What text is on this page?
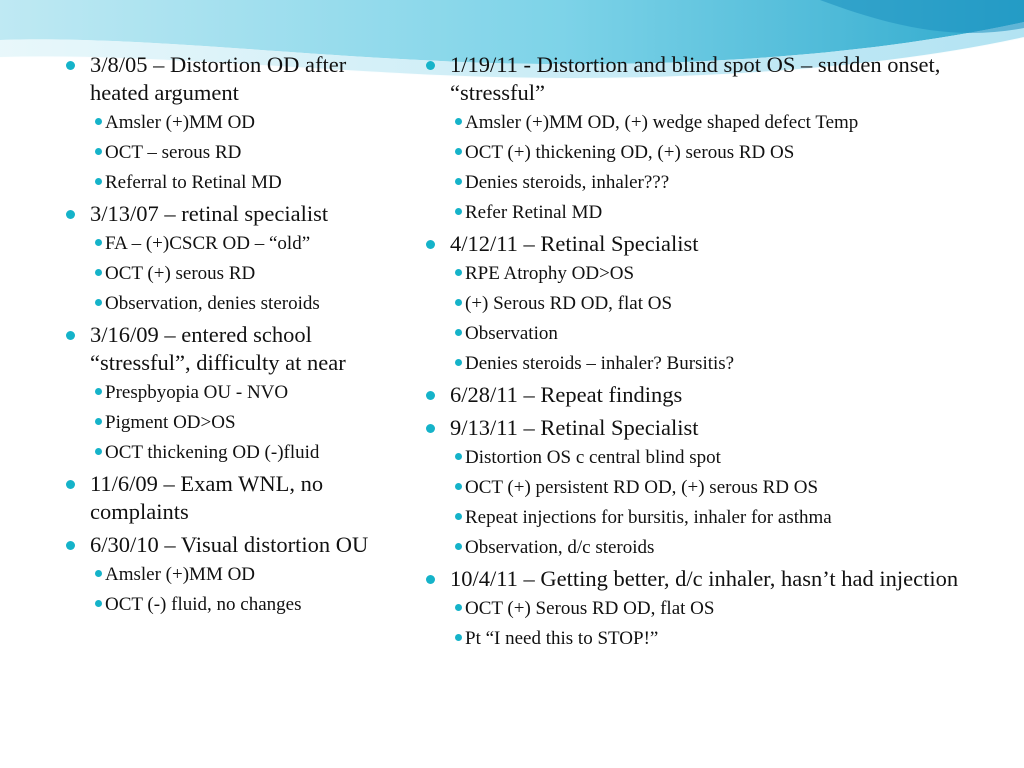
3/8/05 – Distortion OD after heated argument
Amsler (+)MM OD
OCT – serous RD
Referral to Retinal MD
3/13/07 – retinal specialist
FA – (+)CSCR OD – “old”
OCT (+) serous RD
Observation, denies steroids
3/16/09 – entered school “stressful”, difficulty at near
Prespbyopia OU - NVO
Pigment OD>OS
OCT thickening OD (-)fluid
11/6/09 – Exam WNL, no complaints
6/30/10 – Visual distortion OU
Amsler (+)MM OD
OCT (-) fluid, no changes
1/19/11 - Distortion and blind spot OS – sudden onset, “stressful”
Amsler (+)MM OD, (+) wedge shaped defect Temp
OCT (+) thickening OD, (+) serous RD OS
Denies steroids, inhaler???
Refer Retinal MD
4/12/11 – Retinal Specialist
RPE Atrophy OD>OS
(+) Serous RD OD, flat OS
Observation
Denies steroids – inhaler? Bursitis?
6/28/11 – Repeat findings
9/13/11 – Retinal Specialist
Distortion OS c central blind spot
OCT (+) persistent RD OD, (+) serous RD OS
Repeat injections for bursitis, inhaler for asthma
Observation, d/c steroids
10/4/11 – Getting better, d/c inhaler, hasn’t had injection
OCT (+) Serous RD OD, flat OS
Pt “I need this to STOP!”
